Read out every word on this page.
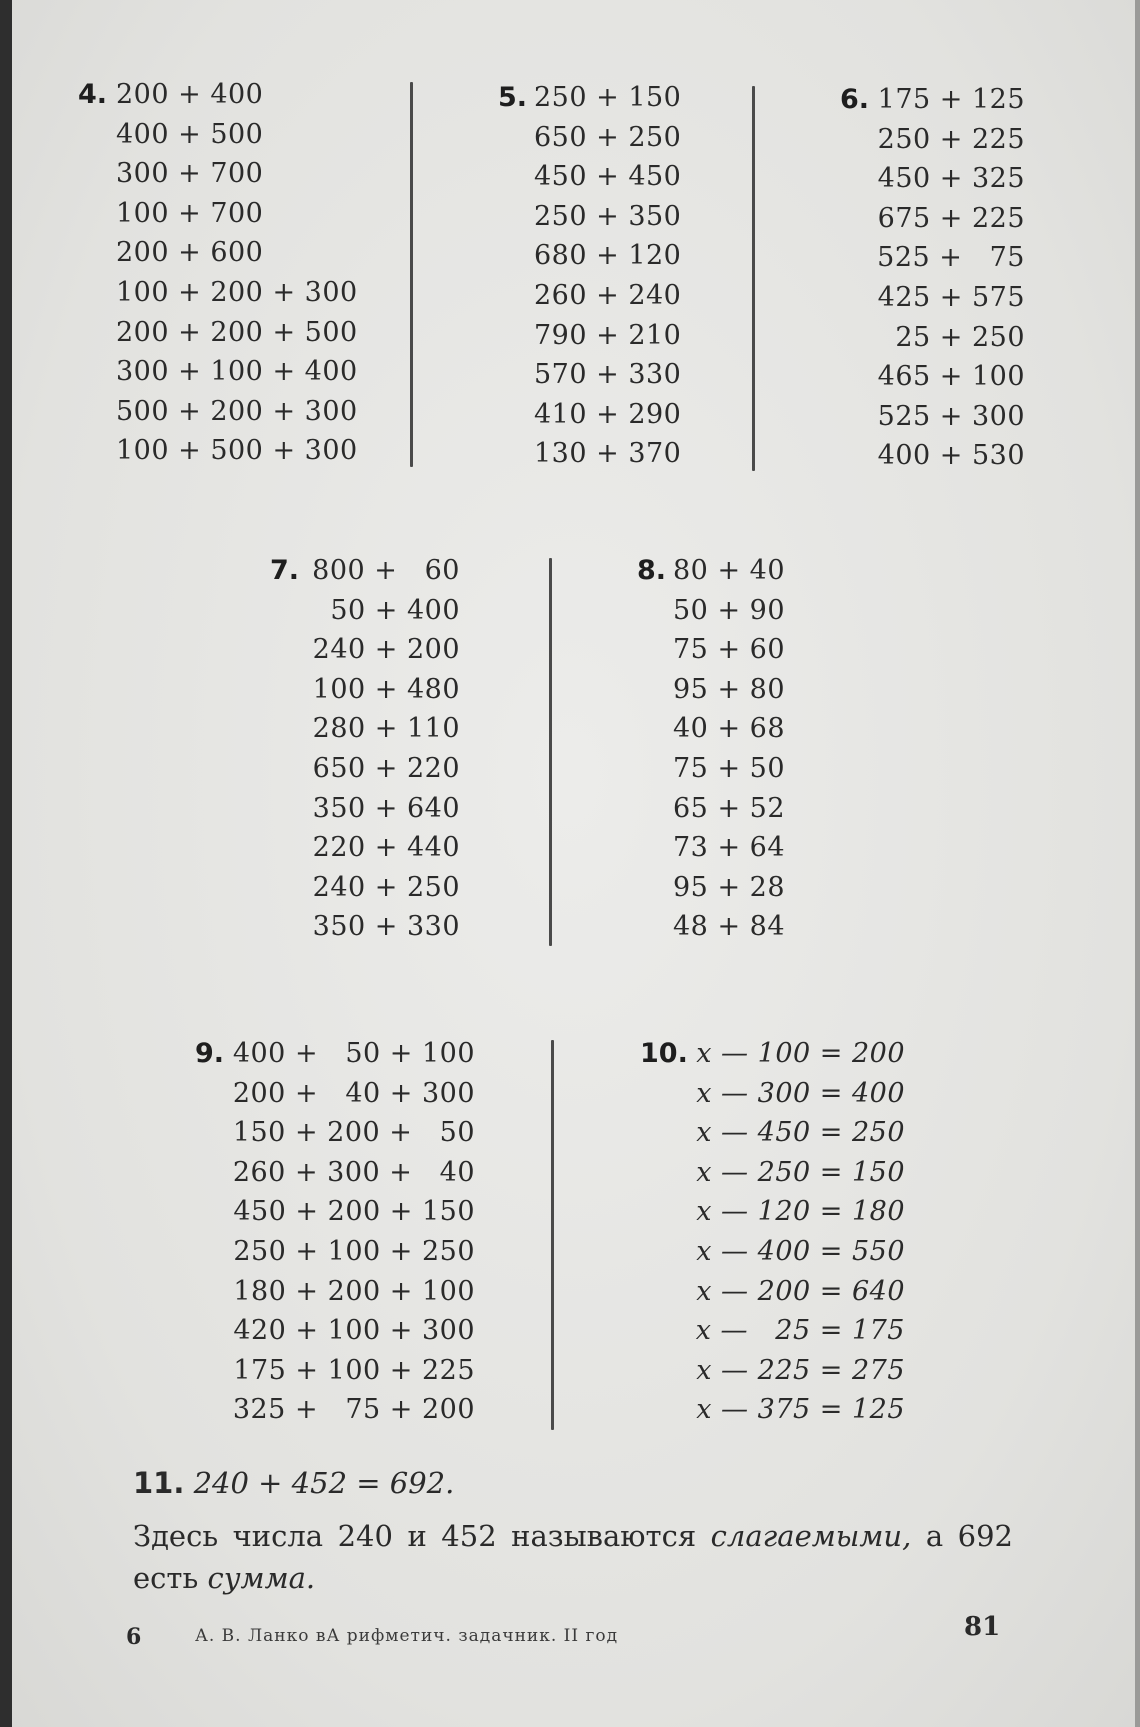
4. 200 + 400
400 + 500
300 + 700
100 + 700
200 + 600
100 + 200 + 300
200 + 200 + 500
300 + 100 + 400
500 + 200 + 300
100 + 500 + 300
5. 250 + 150
650 + 250
450 + 450
250 + 350
680 + 120
260 + 240
790 + 210
570 + 330
410 + 290
130 + 370
6. 175 + 125
250 + 225
450 + 325
675 + 225
525 +   75
425 + 575
25 + 250
465 + 100
525 + 300
400 + 530
7. 800 +   60
50 + 400
240 + 200
100 + 480
280 + 110
650 + 220
350 + 640
220 + 440
240 + 250
350 + 330
8. 80 + 40
50 + 90
75 + 60
95 + 80
40 + 68
75 + 50
65 + 52
73 + 64
95 + 28
48 + 84
9. 400 +   50 + 100
200 +   40 + 300
150 + 200 +   50
260 + 300 +   40
450 + 200 + 150
250 + 100 + 250
180 + 200 + 100
420 + 100 + 300
175 + 100 + 225
325 +   75 + 200
10. x — 100 = 200
x — 300 = 400
x — 450 = 250
x — 250 = 150
x — 120 = 180
x — 400 = 550
x — 200 = 640
x —   25 = 175
x — 225 = 275
x — 375 = 125
11. 240 + 452 = 692.
Здесь числа 240 и 452 называются слагаемыми, а 692 есть сумма.
6	А. В. Ланко вА рифметич. задачник. II год	81
